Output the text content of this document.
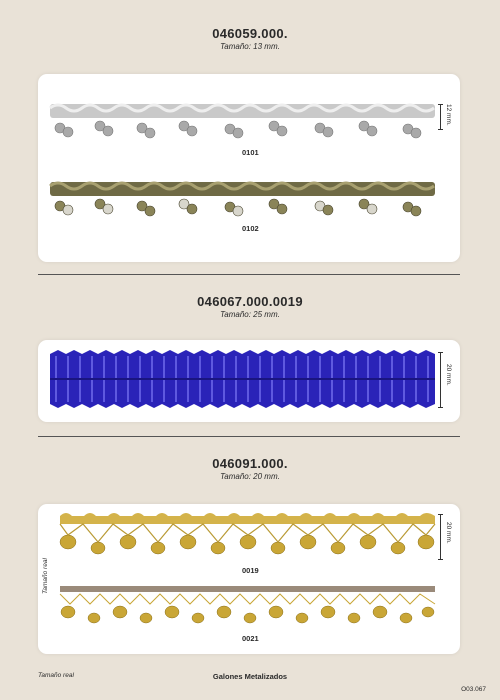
046059.000.
Tamaño: 13 mm.
0101
0102
12 mm.
046067.000.0019
Tamaño: 25 mm.
20 mm.
046091.000.
Tamaño: 20 mm.
0019
0021
20 mm.
Tamaño real
Tamaño real	Galones Metalizados
O03.067
